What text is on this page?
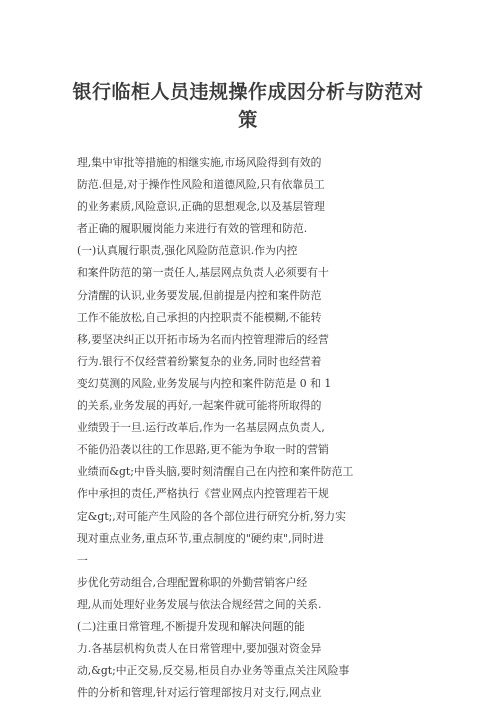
银行临柜人员违规操作成因分析与防范对
策
理,集中审批等措施的相继实施,市场风险得到有效的
防范.但是,对于操作性风险和道德风险,只有依靠员工
的业务素质,风险意识,正确的思想观念,以及基层管理
者正确的履职履岗能力来进行有效的管理和防范.
(一)认真履行职责,强化风险防范意识.作为内控
和案件防范的第一责任人,基层网点负责人必须要有十
分清醒的认识,业务要发展,但前提是内控和案件防范
工作不能放松,自己承担的内控职责不能模糊,不能转
移,要坚决纠正以开拓市场为名而内控管理滞后的经营
行为.银行不仅经营着纷繁复杂的业务,同时也经营着
变幻莫测的风险,业务发展与内控和案件防范是 0 和 1
的关系,业务发展的再好,一起案件就可能将所取得的
业绩毁于一旦.运行改革后,作为一名基层网点负责人,
不能仍沿袭以往的工作思路,更不能为争取一时的营销
业绩而&gt;中昏头脑,要时刻清醒自己在内控和案件防范工
作中承担的责任,严格执行《营业网点内控管理若干规
定&gt;,对可能产生风险的各个部位进行研究分析,努力实
现对重点业务,重点环节,重点制度的"硬约束",同时进
一
步优化劳动组合,合理配置称职的外勤营销客户经
理,从而处理好业务发展与依法合规经营之间的关系.
(二)注重日常管理,不断提升发现和解决问题的能
力.各基层机构负责人在日常管理中,要加强对资金异
动,&gt;中正交易,反交易,柜员自办业务等重点关注风险事
件的分析和管理,针对运行管理部按月对支行,网点业
